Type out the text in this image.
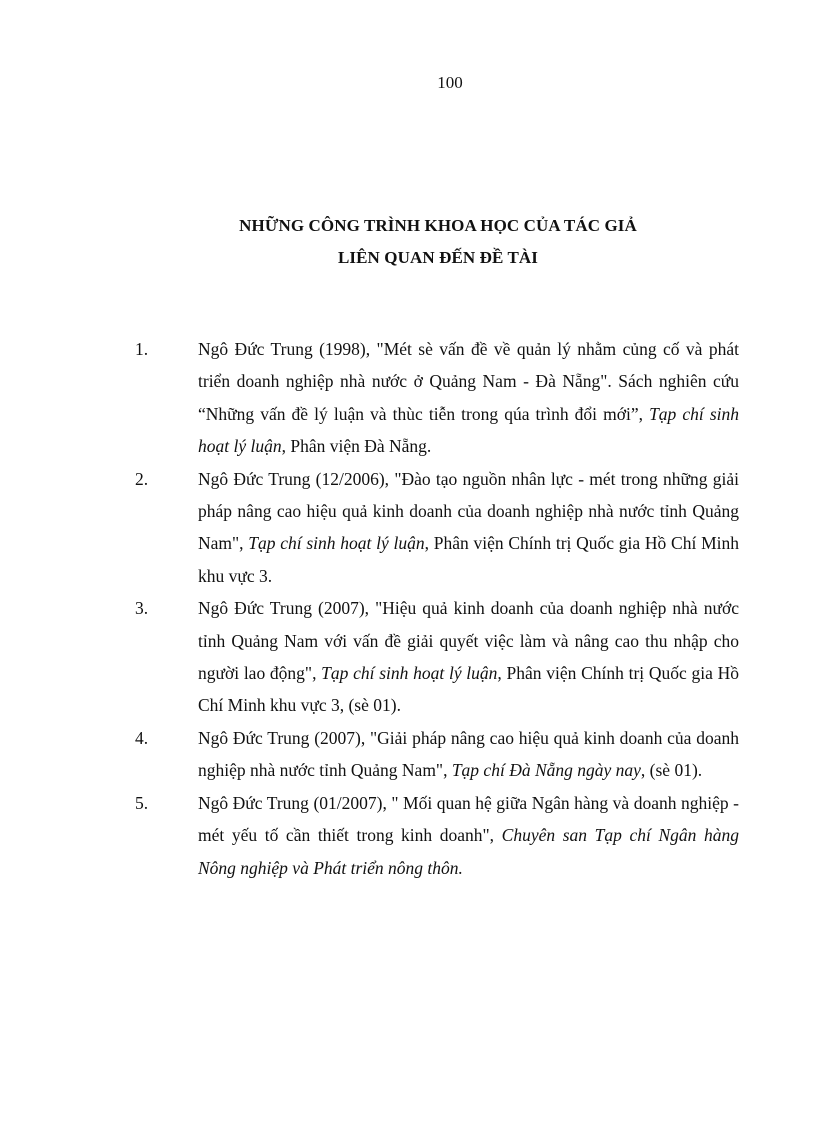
100
NHỮNG CÔNG TRÌNH KHOA HỌC CỦA TÁC GIẢ
LIÊN QUAN ĐẾN ĐỀ TÀI

1.	Ngô Đức Trung (1998), "Mét sè vấn đề về quản lý nhằm củng cố và phát triển doanh nghiệp nhà nước ở Quảng Nam - Đà Nẵng". Sách nghiên cứu “Những vấn đề lý luận và thùc tiễn trong qúa trình đổi mới”, Tạp chí sinh hoạt lý luận, Phân viện Đà Nẵng.

2.	Ngô Đức Trung (12/2006), "Đào tạo nguồn nhân lực - mét trong những giải pháp nâng cao hiệu quả kinh doanh của doanh nghiệp nhà nước tỉnh Quảng Nam", Tạp chí sinh hoạt lý luận, Phân viện Chính trị Quốc gia Hồ Chí Minh khu vực 3.

3.	Ngô Đức Trung (2007), "Hiệu quả kinh doanh của doanh nghiệp nhà nước tỉnh Quảng Nam với vấn đề giải quyết việc làm và nâng cao thu nhập cho người lao động", Tạp chí sinh hoạt lý luận, Phân viện Chính trị Quốc gia Hồ Chí Minh khu vực 3, (sè 01).

4.	Ngô Đức Trung (2007), "Giải pháp nâng cao hiệu quả kinh doanh của doanh nghiệp nhà nước tỉnh Quảng Nam", Tạp chí Đà Nẵng ngày nay, (sè 01).

5.	Ngô Đức Trung (01/2007), " Mối quan hệ giữa Ngân hàng và doanh nghiệp - mét yếu tố cần thiết trong kinh doanh", Chuyên san Tạp chí Ngân hàng Nông nghiệp và Phát triển nông thôn.
